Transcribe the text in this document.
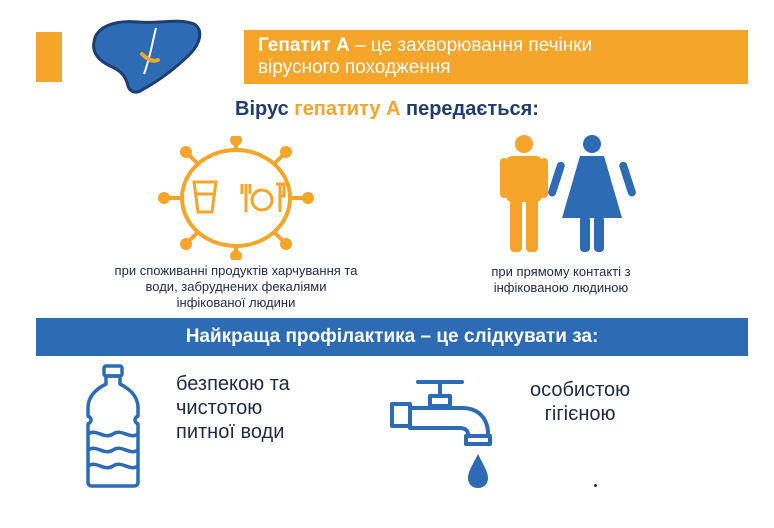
Гепатит А – це захворювання печінки
вірусного походження
Вірус гепатиту А передається:
при споживанні продуктів харчування та
води, забруднених фекаліями
інфікованої людини
при прямому контакті з
інфікованою людиною
Найкраща профілактика – це слідкувати за:
безпекою та
чистотою
питної води
особистою
гігієною
